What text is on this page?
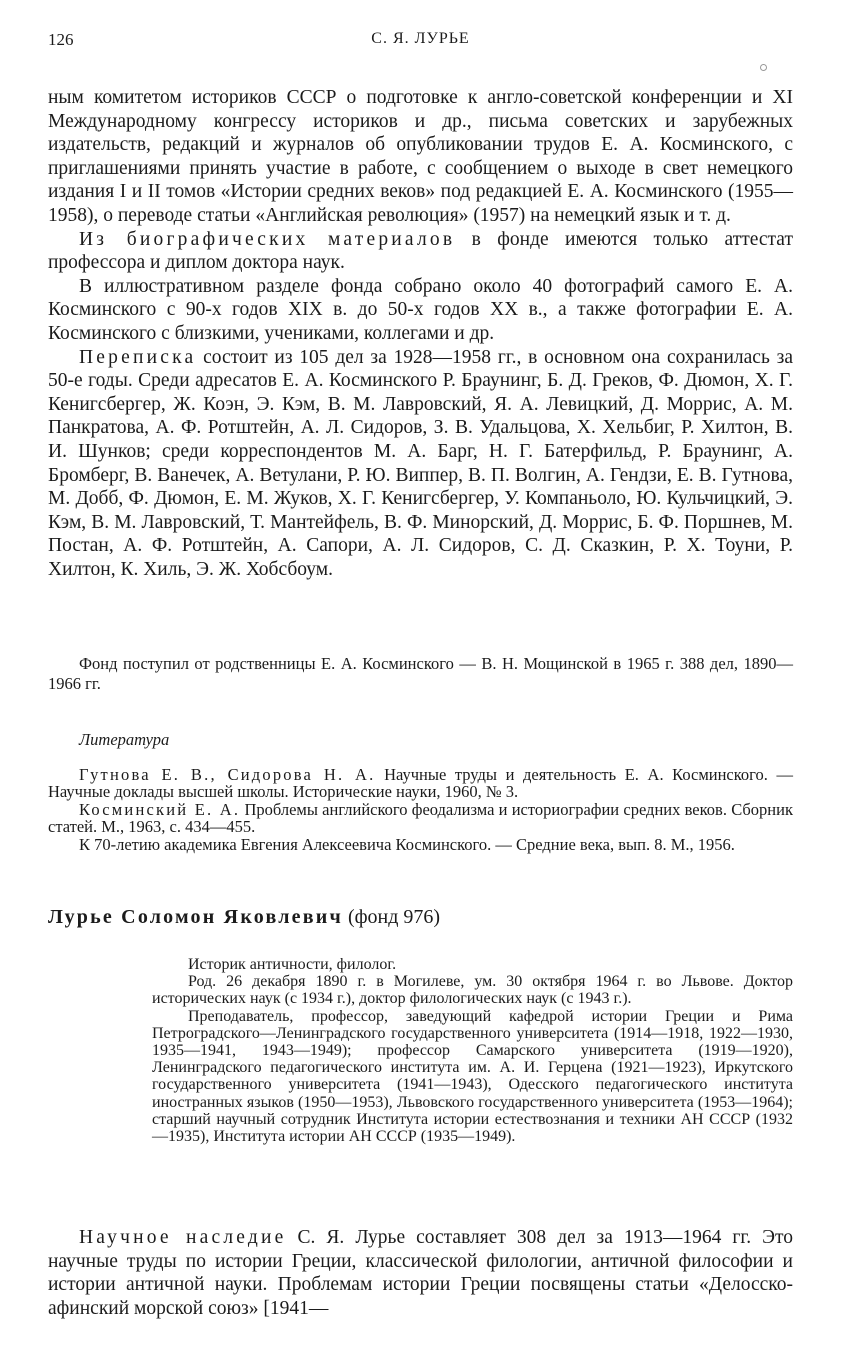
126	С. Я. ЛУРЬЕ

ным комитетом историков СССР о подготовке к англо-советской конференции и XI Международному конгрессу историков и др., письма советских и зарубежных издательств, редакций и журналов об опубликовании трудов Е. А. Косминского, с приглашениями принять участие в работе, с сообщением о выходе в свет немецкого издания I и II томов «Истории средних веков» под редакцией Е. А. Косминского (1955—1958), о переводе статьи «Английская революция» (1957) на немецкий язык и т. д.

Из биографических материалов в фонде имеются только аттестат профессора и диплом доктора наук.

В иллюстративном разделе фонда собрано около 40 фотографий самого Е. А. Косминского с 90-х годов XIX в. до 50-х годов XX в., а также фотографии Е. А. Косминского с близкими, учениками, коллегами и др.

Переписка состоит из 105 дел за 1928—1958 гг., в основном она сохранилась за 50-е годы. Среди адресатов Е. А. Косминского Р. Браунинг, Б. Д. Греков, Ф. Дюмон, Х. Г. Кенигсбергер, Ж. Коэн, Э. Кэм, В. М. Лавровский, Я. А. Левицкий, Д. Моррис, А. М. Панкратова, А. Ф. Ротштейн, А. Л. Сидоров, З. В. Удальцова, Х. Хельбиг, Р. Хилтон, В. И. Шунков; среди корреспондентов М. А. Барг, Н. Г. Батерфильд, Р. Браунинг, А. Бромберг, В. Ванечек, А. Ветулани, Р. Ю. Виппер, В. П. Волгин, А. Гендзи, Е. В. Гутнова, М. Добб, Ф. Дюмон, Е. М. Жуков, Х. Г. Кенигсбергер, У. Компаньоло, Ю. Кульчицкий, Э. Кэм, В. М. Лавровский, Т. Мантейфель, В. Ф. Минорский, Д. Моррис, Б. Ф. Поршнев, М. Постан, А. Ф. Ротштейн, А. Сапори, А. Л. Сидоров, С. Д. Сказкин, Р. Х. Тоуни, Р. Хилтон, К. Хиль, Э. Ж. Хобсбоум.

Фонд поступил от родственницы Е. А. Косминского — В. Н. Мощинской в 1965 г. 388 дел, 1890—1966 гг.

Литература

Гутнова Е. В., Сидорова Н. А. Научные труды и деятельность Е. А. Косминского. — Научные доклады высшей школы. Исторические науки, 1960, № 3.

Косминский Е. А. Проблемы английского феодализма и историографии средних веков. Сборник статей. М., 1963, с. 434—455.

К 70-летию академика Евгения Алексеевича Косминского. — Средние века, вып. 8. М., 1956.

Лурье Соломон Яковлевич (фонд 976)

Историк античности, филолог.

Род. 26 декабря 1890 г. в Могилеве, ум. 30 октября 1964 г. во Львове. Доктор исторических наук (с 1934 г.), доктор филологических наук (с 1943 г.).

Преподаватель, профессор, заведующий кафедрой истории Греции и Рима Петроградского—Ленинградского государственного университета (1914—1918, 1922—1930, 1935—1941, 1943—1949); профессор Самарского университета (1919—1920), Ленинградского педагогического института им. А. И. Герцена (1921—1923), Иркутского государственного университета (1941—1943), Одесского педагогического института иностранных языков (1950—1953), Львовского государственного университета (1953—1964); старший научный сотрудник Института истории естествознания и техники АН СССР (1932—1935), Института истории АН СССР (1935—1949).

Научное наследие С. Я. Лурье составляет 308 дел за 1913—1964 гг. Это научные труды по истории Греции, классической филологии, античной философии и истории античной науки. Проблемам истории Греции посвящены статьи «Делосско-афинский морской союз» [1941—
